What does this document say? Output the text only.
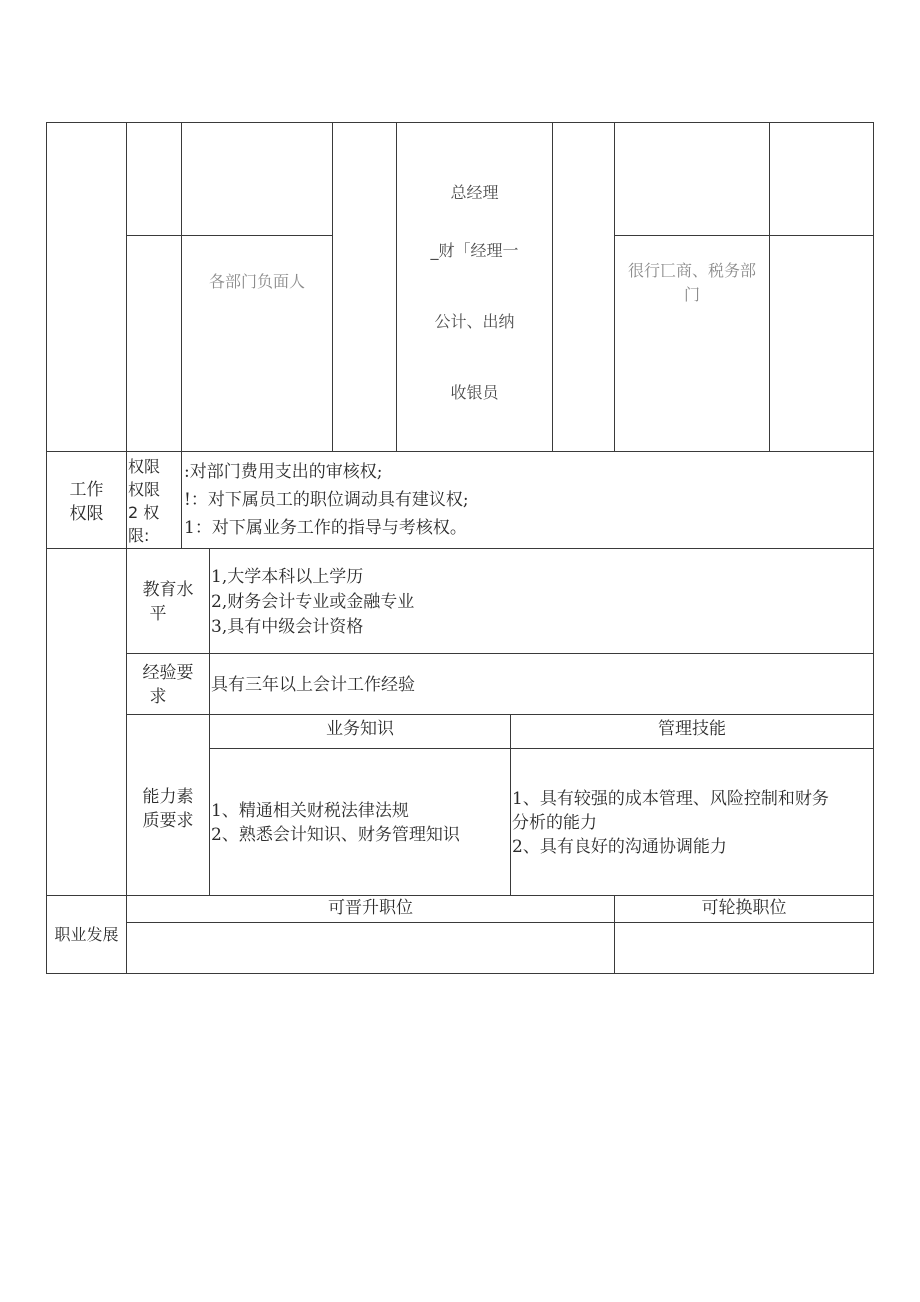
各部门负面人
总经理
_财「经理一
公计、出纳
收银员
很行匸商、税务部
门
工作
权限
权限
权限
2 权
限:
:对部门费用支出的审核权;
!：对下属员工的职位调动具有建议权;
1：对下属业务工作的指导与考核权。
教育水
平
1,大学本科以上学历
2,财务会计专业或金融专业
3,具有中级会计资格
经验要
求
具有三年以上会计工作经验
能力素
质要求
业务知识	管理技能
1、精通相关财税法律法规
2、熟悉会计知识、财务管理知识
1、具有较强的成本管理、风险控制和财务
分析的能力
2、具有良好的沟通协调能力
职业发展
可晋升职位	可轮换职位
